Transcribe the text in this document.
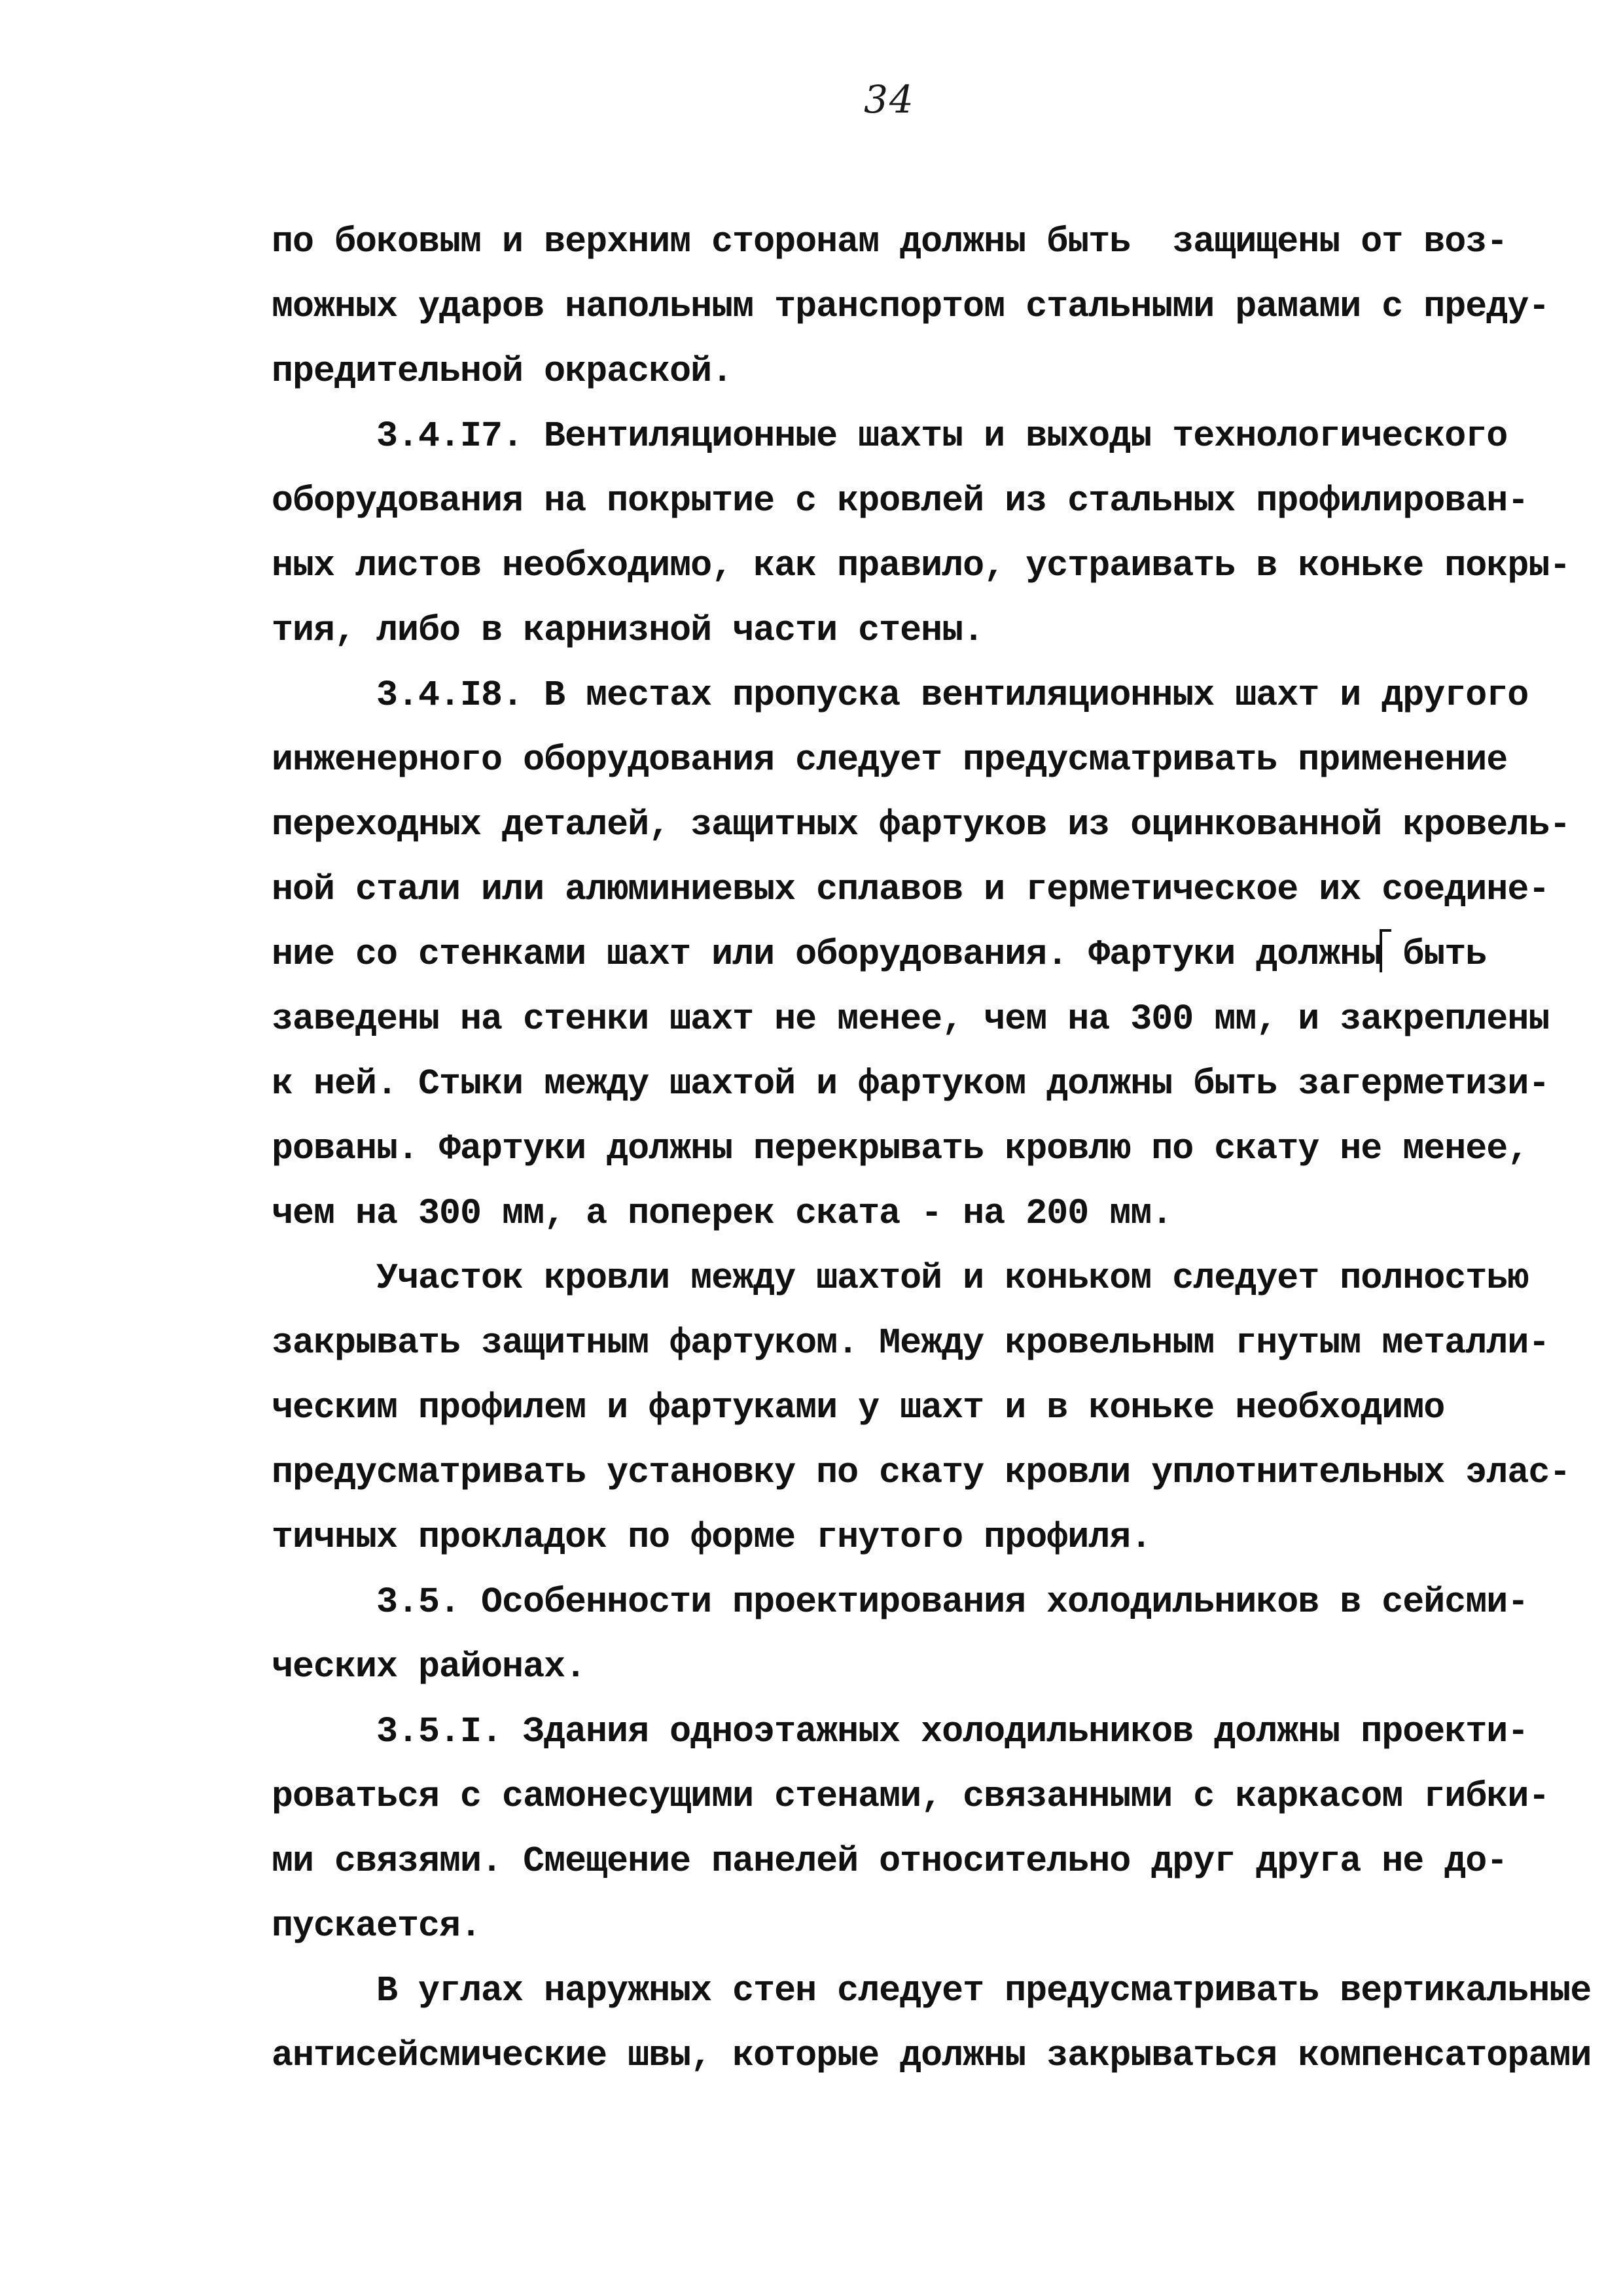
34
по боковым и верхним сторонам должны быть  защищены от воз-
можных ударов напольным транспортом стальными рамами с преду-
предительной окраской.
3.4.I7. Вентиляционные шахты и выходы технологического
оборудования на покрытие с кровлей из стальных профилирован-
ных листов необходимо, как правило, устраивать в коньке покры-
тия, либо в карнизной части стены.
3.4.I8. В местах пропуска вентиляционных шахт и другого
инженерного оборудования следует предусматривать применение
переходных деталей, защитных фартуков из оцинкованной кровель-
ной стали или алюминиевых сплавов и герметическое их соедине-
ние со стенками шахт или оборудования. Фартуки должны быть
заведены на стенки шахт не менее, чем на 300 мм, и закреплены
к ней. Стыки между шахтой и фартуком должны быть загерметизи-
рованы. Фартуки должны перекрывать кровлю по скату не менее,
чем на 300 мм, а поперек ската - на 200 мм.
Участок кровли между шахтой и коньком следует полностью
закрывать защитным фартуком. Между кровельным гнутым металли-
ческим профилем и фартуками у шахт и в коньке необходимо
предусматривать установку по скату кровли уплотнительных элас-
тичных прокладок по форме гнутого профиля.
3.5. Особенности проектирования холодильников в сейсми-
ческих районах.
3.5.I. Здания одноэтажных холодильников должны проекти-
роваться с самонесущими стенами, связанными с каркасом гибки-
ми связями. Смещение панелей относительно друг друга не до-
пускается.
В углах наружных стен следует предусматривать вертикальные
антисейсмические швы, которые должны закрываться компенсаторами
